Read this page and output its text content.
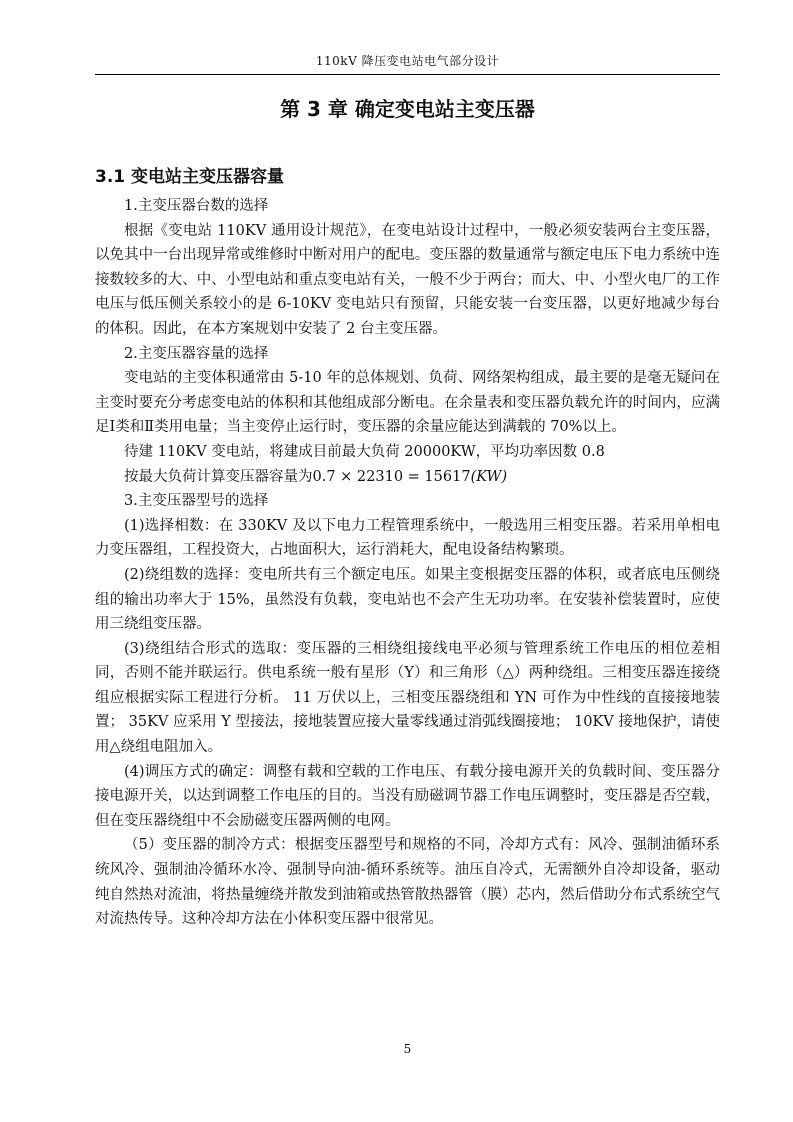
110kV 降压变电站电气部分设计
第 3 章 确定变电站主变压器
3.1 变电站主变压器容量

1.主变压器台数的选择

根据《变电站 110KV 通用设计规范》，在变电站设计过程中，一般必须安装两台主变压器，以免其中一台出现异常或维修时中断对用户的配电。变压器的数量通常与额定电压下电力系统中连接数较多的大、中、小型电站和重点变电站有关，一般不少于两台；而大、中、小型火电厂的工作电压与低压侧关系较小的是 6-10KV 变电站只有预留，只能安装一台变压器，以更好地减少每台的体积。因此，在本方案规划中安装了 2 台主变压器。

2.主变压器容量的选择

变电站的主变体积通常由 5-10 年的总体规划、负荷、网络架构组成，最主要的是毫无疑问在主变时要充分考虑变电站的体积和其他组成部分断电。在余量表和变压器负载允许的时间内，应满足Ⅰ类和Ⅱ类用电量；当主变停止运行时，变压器的余量应能达到满载的 70%以上。

待建 110KV 变电站，将建成目前最大负荷 20000KW，平均功率因数 0.8

按最大负荷计算变压器容量为0.7 × 22310 = 15617(KW)

3.主变压器型号的选择

(1)选择相数：在 330KV 及以下电力工程管理系统中，一般选用三相变压器。若采用单相电力变压器组，工程投资大，占地面积大，运行消耗大，配电设备结构繁琐。

(2)绕组数的选择：变电所共有三个额定电压。如果主变根据变压器的体积，或者底电压侧绕组的输出功率大于 15%，虽然没有负载，变电站也不会产生无功功率。在安装补偿装置时，应使用三绕组变压器。

(3)绕组结合形式的选取：变压器的三相绕组接线电平必须与管理系统工作电压的相位差相同，否则不能并联运行。供电系统一般有星形（Y）和三角形（△）两种绕组。三相变压器连接绕组应根据实际工程进行分析。 11 万伏以上，三相变压器绕组和 YN 可作为中性线的直接接地装置； 35KV 应采用 Y 型接法，接地装置应接大量零线通过消弧线圈接地； 10KV 接地保护，请使用△绕组电阻加入。

(4)调压方式的确定：调整有载和空载的工作电压、有载分接电源开关的负载时间、变压器分接电源开关，以达到调整工作电压的目的。当没有励磁调节器工作电压调整时，变压器是否空载，但在变压器绕组中不会励磁变压器两侧的电网。

（5）变压器的制冷方式：根据变压器型号和规格的不同，冷却方式有：风冷、强制油循环系统风冷、强制油冷循环水冷、强制导向油-循环系统等。油压自冷式，无需额外自冷却设备，驱动纯自然热对流油，将热量缠绕并散发到油箱或热管散热器管（膜）芯内，然后借助分布式系统空气对流热传导。这种冷却方法在小体积变压器中很常见。

5
